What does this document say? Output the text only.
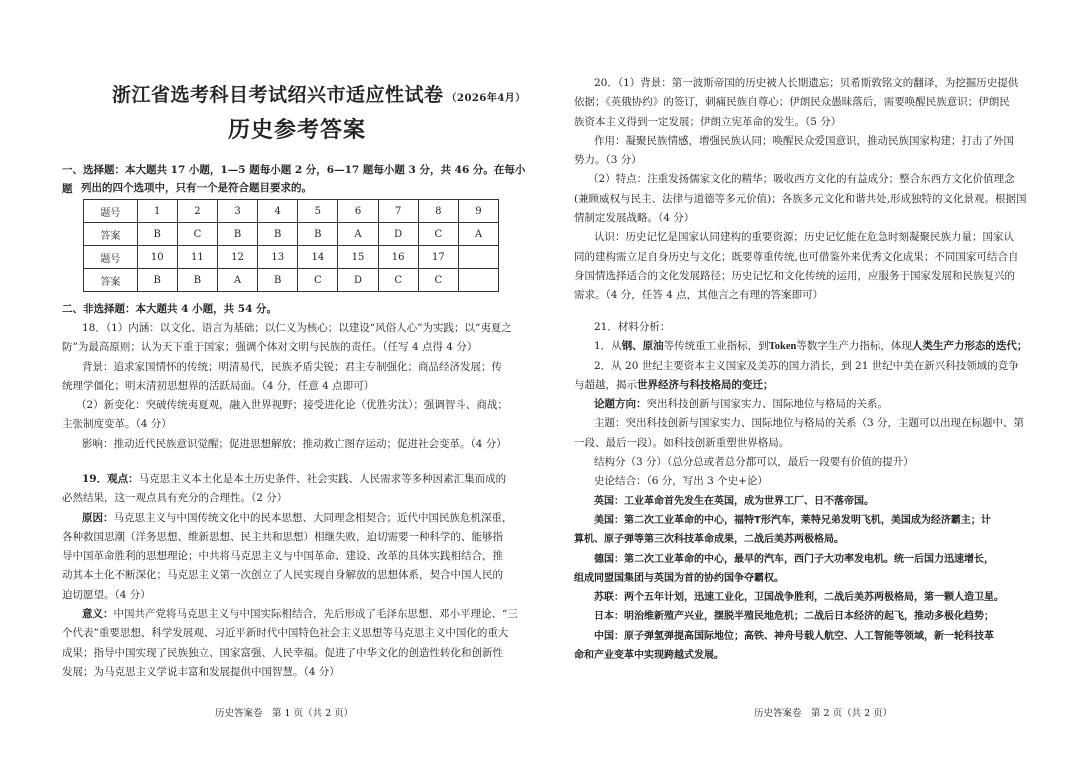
浙江省选考科目考试绍兴市适应性试卷 （2026年4月）
历史参考答案
一、选择题：本大题共 17 小题，1—5 题每小题 2 分，6—17 题每小题 3 分，共 46 分。在每小题 列出的四个选项中，只有一个是符合题目要求的。
题号	1	2	3	4	5	6	7	8	9
答案	B	C	B	B	B	A	D	C	A
题号	10	11	12	13	14	15	16	17	
答案	B	B	A	B	C	D	C	C	
二、非选择题：本大题共 4 小题，共 54 分。
18．（1）内涵：以文化、语言为基础；以仁义为核心；以建设“风俗人心”为实践；以“夷夏之
防”为最高原则；认为天下重于国家；强调个体对文明与民族的责任。（任写 4 点得 4 分）
背景：追求家国情怀的传统；明清易代，民族矛盾尖锐；君主专制强化；商品经济发展；传
统理学僵化；明末清初思想界的活跃局面。（4 分，任意 4 点即可）
（2）新变化：突破传统夷夏观，融入世界视野；接受进化论（优胜劣汰）；强调智斗、商战；
主张制度变革。（4 分）
影响：推动近代民族意识觉醒；促进思想解放；推动救亡图存运动；促进社会变革。（4 分）
19．观点：马克思主义本土化是本土历史条件、社会实践、人民需求等多种因素汇集而成的
必然结果，这一观点具有充分的合理性。（2 分）
原因：马克思主义与中国传统文化中的民本思想、大同理念相契合；近代中国民族危机深重，
各种救国思潮（洋务思想、维新思想、民主共和思想）相继失败，迫切需要一种科学的、能够指
导中国革命胜利的思想理论；中共将马克思主义与中国革命、建设、改革的具体实践相结合，推
动其本土化不断深化；马克思主义第一次创立了人民实现自身解放的思想体系，契合中国人民的
迫切愿望。（4 分）
意义：中国共产党将马克思主义与中国实际相结合，先后形成了毛泽东思想、邓小平理论、“三
个代表”重要思想、科学发展观、习近平新时代中国特色社会主义思想等马克思主义中国化的重大
成果；指导中国实现了民族独立、国家富强、人民幸福。促进了中华文化的创造性转化和创新性
发展；为马克思主义学说丰富和发展提供中国智慧。（4 分）
历史答案卷　第 1 页（共 2 页）
20．（1）背景：第一波斯帝国的历史被人长期遗忘；贝希斯敦铭文的翻译，为挖掘历史提供
依据；《英俄协约》的签订，刺痛民族自尊心；伊朗民众愚昧落后，需要唤醒民族意识；伊朗民
族资本主义得到一定发展；伊朗立宪革命的发生。（5 分）
作用：凝聚民族情感，增强民族认同；唤醒民众爱国意识，推动民族国家构建；打击了外国
势力。（3 分）
（2）特点：注重发扬儒家文化的精华；吸收西方文化的有益成分；整合东西方文化价值理念
(兼顾威权与民主、法律与道德等多元价值)；各族多元文化和谐共处,形成独特的文化景观。根据国
情制定发展战略。（4 分）
认识：历史记忆是国家认同建构的重要资源；历史记忆能在危急时刻凝聚民族力量；国家认
同的建构需立足自身历史与文化；既要尊重传统,也可借鉴外来优秀文化成果；不同国家可结合自
身国情选择适合的文化发展路径；历史记忆和文化传统的运用，应服务于国家发展和民族复兴的
需求。（4 分，任答 4 点，其他言之有理的答案即可）
21．材料分析：
1．从钢、原油等传统重工业指标，到Token等数字生产力指标，体现人类生产力形态的迭代；
2．从 20 世纪主要资本主义国家及美苏的国力消长，到 21 世纪中美在新兴科技领域的竞争
与超越，揭示世界经济与科技格局的变迁；
论题方向：突出科技创新与国家实力、国际地位与格局的关系。
主题：突出科技创新与国家实力、国际地位与格局的关系（3 分，主题可以出现在标题中、第
一段、最后一段）。如科技创新重塑世界格局。
结构分（3 分）（总分总或者总分都可以，最后一段要有价值的提升）
史论结合：（6 分，写出 3 个史+论）
英国：工业革命首先发生在英国，成为世界工厂、日不落帝国。
美国：第二次工业革命的中心，福特T形汽车，莱特兄弟发明飞机，美国成为经济霸主；计
算机、原子弹等第三次科技革命成果，二战后美苏两极格局。
德国：第二次工业革命的中心，最早的汽车，西门子大功率发电机。统一后国力迅速增长，
组成同盟国集团与英国为首的协约国争夺霸权。
苏联：两个五年计划，迅速工业化，卫国战争胜利，二战后美苏两极格局，第一颗人造卫星。
日本：明治维新殖产兴业，摆脱半殖民地危机；二战后日本经济的起飞，推动多极化趋势；
中国：原子弹氢弹提高国际地位；高铁、神舟号载人航空、人工智能等领域，新一轮科技革
命和产业变革中实现跨越式发展。
历史答案卷　第 2 页（共 2 页）
